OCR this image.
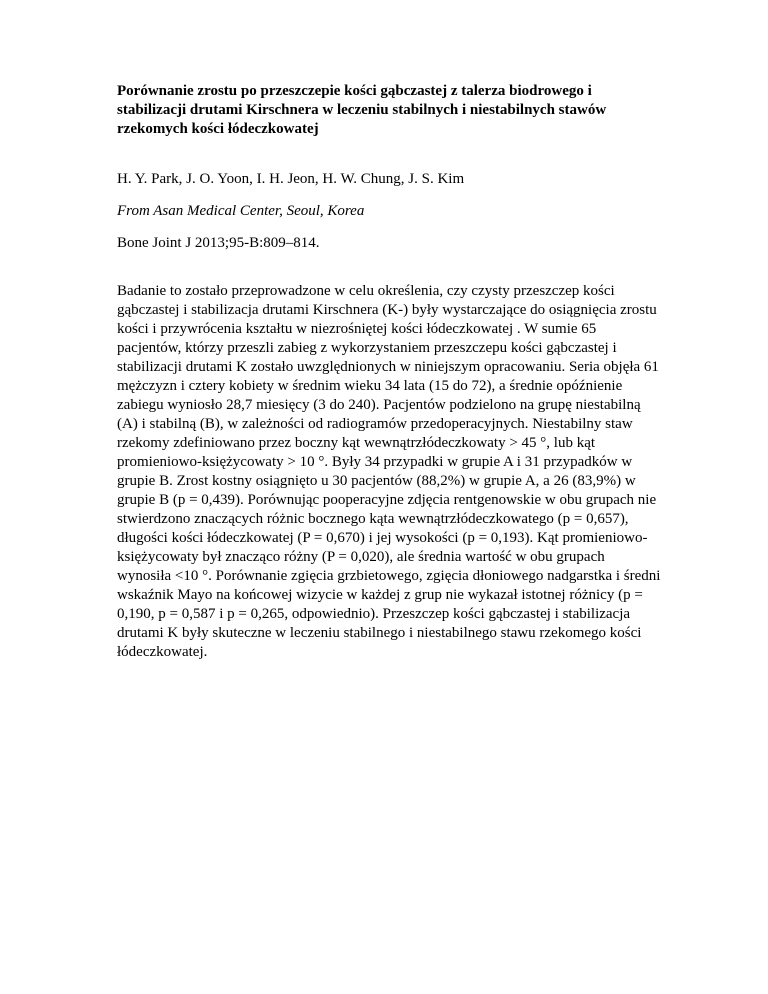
Porównanie zrostu po przeszczepie kości gąbczastej z talerza biodrowego i stabilizacji drutami Kirschnera w leczeniu stabilnych i niestabilnych stawów rzekomych kości łódeczkowatej

H. Y. Park, J. O. Yoon, I. H. Jeon, H. W. Chung, J. S. Kim

From Asan Medical Center, Seoul, Korea

Bone Joint J 2013;95-B:809–814.

Badanie to zostało przeprowadzone w celu określenia, czy czysty przeszczep kości gąbczastej i stabilizacja drutami Kirschnera (K-) były wystarczające do osiągnięcia zrostu kości i przywrócenia kształtu w niezrośniętej kości łódeczkowatej . W sumie 65 pacjentów, którzy przeszli zabieg z wykorzystaniem przeszczepu kości gąbczastej i stabilizacji drutami K zostało uwzględnionych w niniejszym opracowaniu. Seria objęła 61 mężczyzn i cztery kobiety w średnim wieku 34 lata (15 do 72), a średnie opóźnienie zabiegu wyniosło 28,7 miesięcy (3 do 240). Pacjentów podzielono na grupę niestabilną (A) i stabilną (B), w zależności od radiogramów przedoperacyjnych. Niestabilny staw rzekomy zdefiniowano przez boczny kąt wewnątrzłódeczkowaty > 45 °, lub kąt promieniowo-księżycowaty > 10 °. Były 34 przypadki w grupie A i 31 przypadków w grupie B. Zrost kostny osiągnięto u 30 pacjentów (88,2%) w grupie A, a 26 (83,9%) w grupie B (p = 0,439). Porównując pooperacyjne zdjęcia rentgenowskie w obu grupach nie stwierdzono znaczących różnic bocznego kąta wewnątrzłódeczkowatego (p = 0,657), długości kości łódeczkowatej (P = 0,670) i jej wysokości (p = 0,193). Kąt promieniowo-księżycowaty był znacząco różny (P = 0,020), ale średnia wartość w obu grupach wynosiła <10 °. Porównanie zgięcia grzbietowego, zgięcia dłoniowego nadgarstka i średni wskaźnik Mayo na końcowej wizycie w każdej z grup nie wykazał istotnej różnicy (p = 0,190, p = 0,587 i p = 0,265, odpowiednio). Przeszczep kości gąbczastej i stabilizacja drutami K były skuteczne w leczeniu stabilnego i niestabilnego stawu rzekomego kości łódeczkowatej.
